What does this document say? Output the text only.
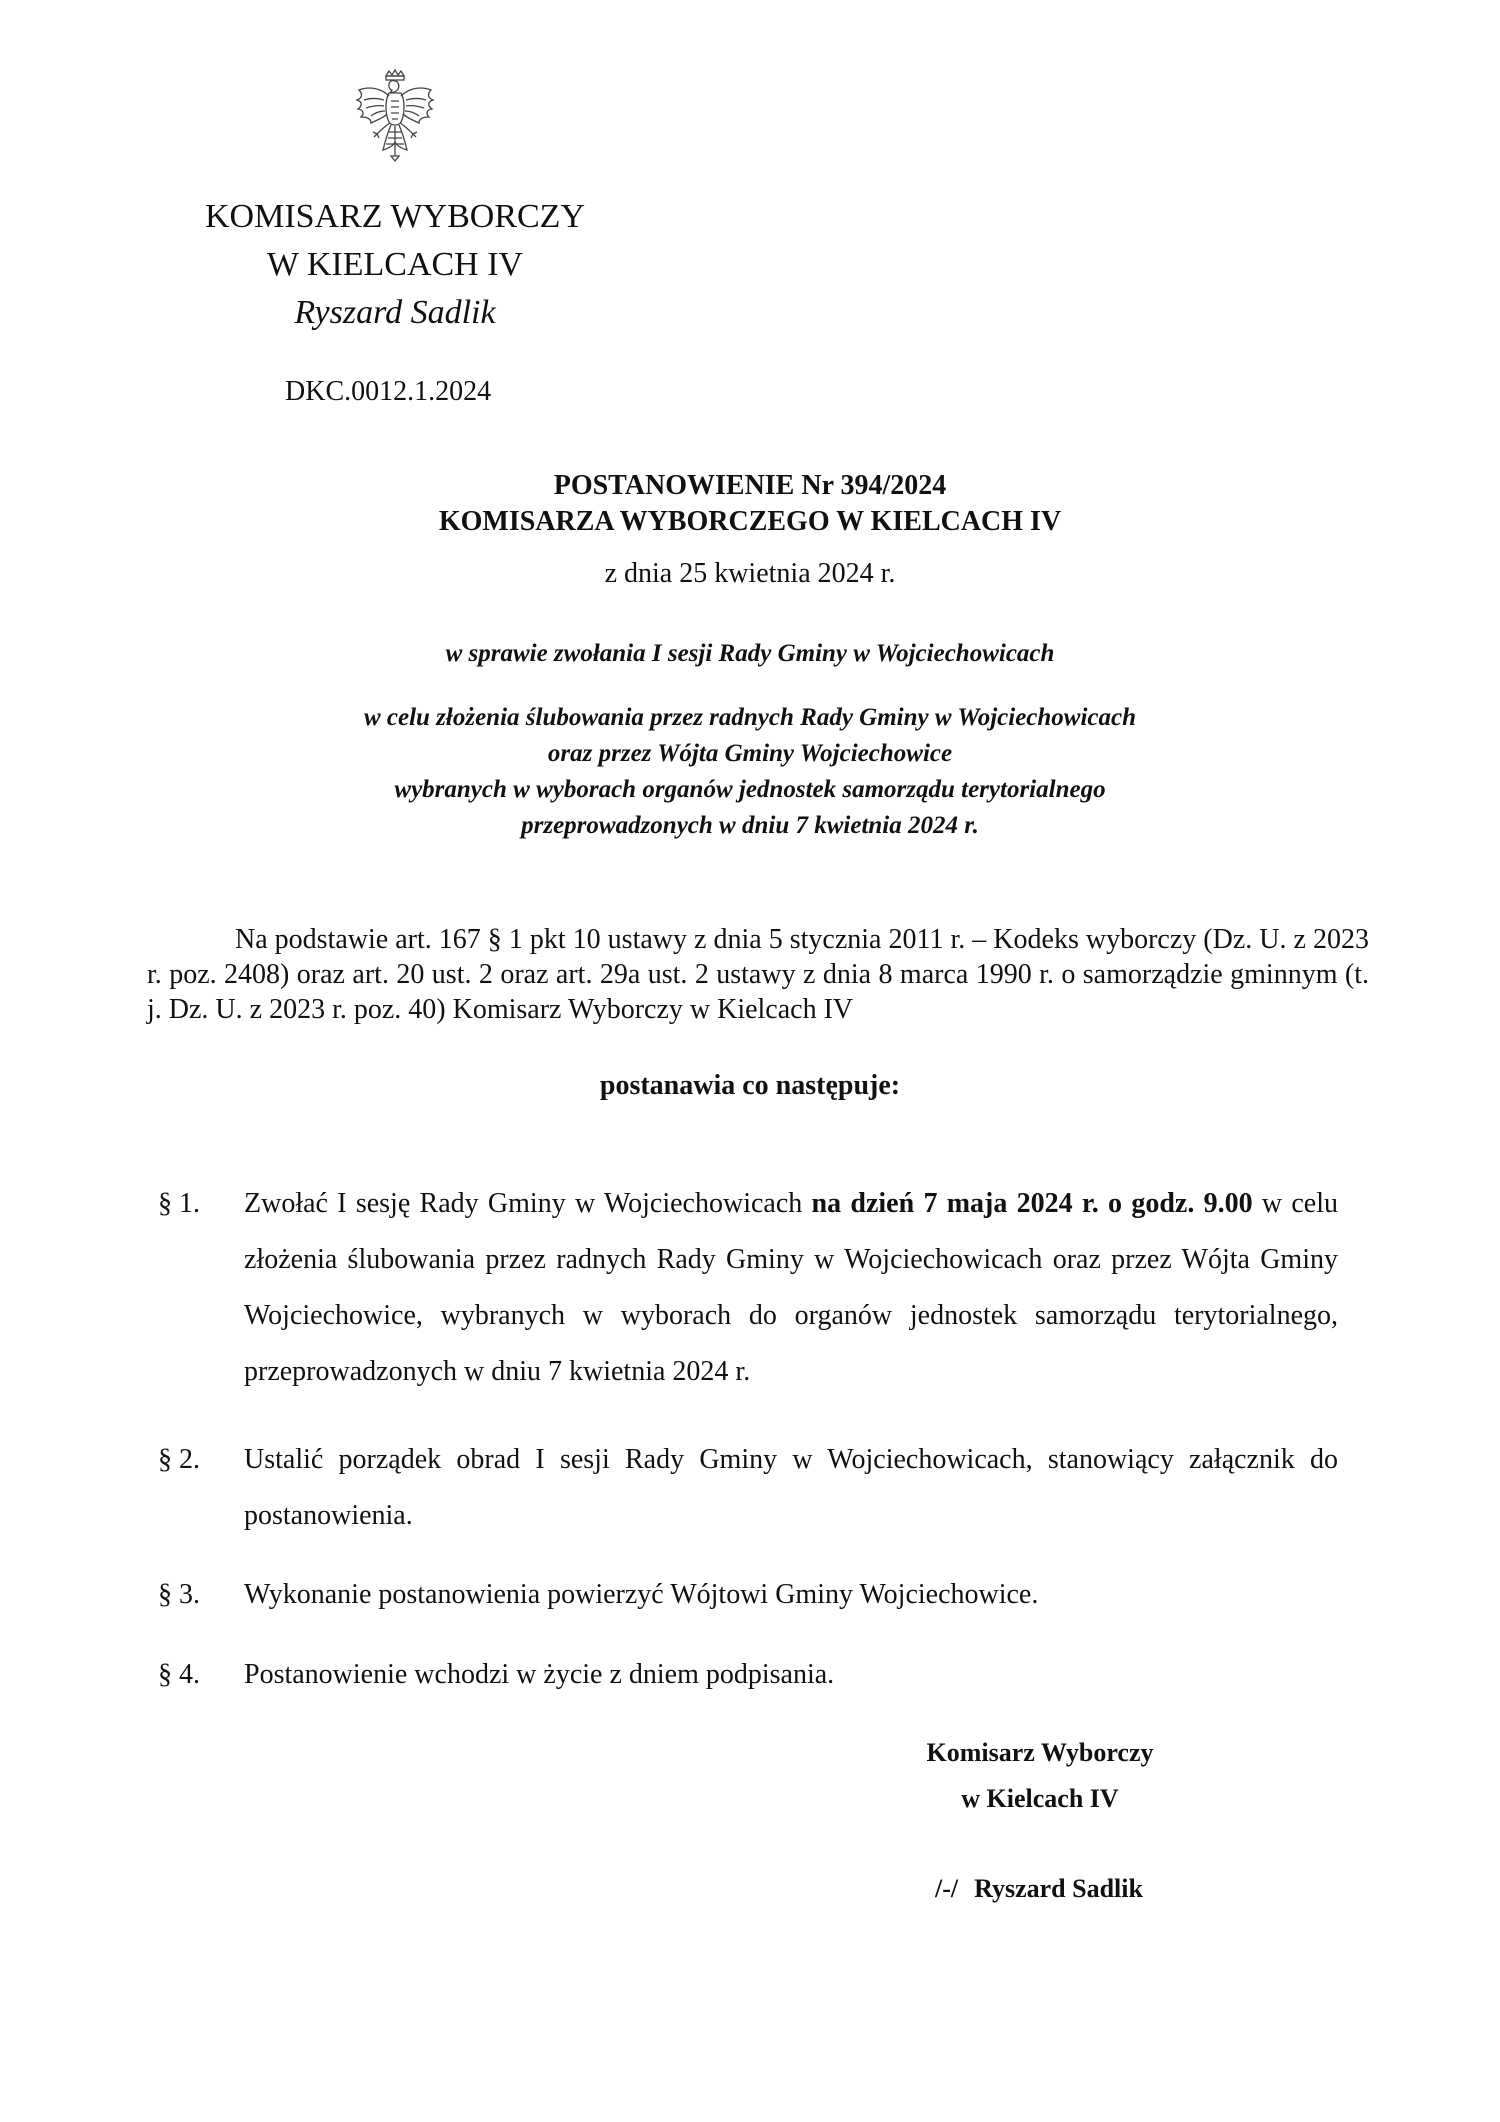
KOMISARZ WYBORCZY
W KIELCACH IV
Ryszard Sadlik
DKC.0012.1.2024
POSTANOWIENIE Nr 394/2024
KOMISARZA WYBORCZEGO W KIELCACH IV
z dnia 25 kwietnia 2024 r.
w sprawie zwołania I sesji Rady Gminy w Wojciechowicach
w celu złożenia ślubowania przez radnych Rady Gminy w Wojciechowicach
oraz przez Wójta Gminy Wojciechowice
wybranych w wyborach organów jednostek samorządu terytorialnego
przeprowadzonych w dniu 7 kwietnia 2024 r.

Na podstawie art. 167 § 1 pkt 10 ustawy z dnia 5 stycznia 2011 r. – Kodeks wyborczy (Dz. U. z 2023 r. poz. 2408) oraz art. 20 ust. 2 oraz art. 29a ust. 2 ustawy z dnia 8 marca 1990 r. o samorządzie gminnym (t. j. Dz. U. z 2023 r. poz. 40) Komisarz Wyborczy w Kielcach IV

postanawia co następuje:
§ 1. Zwołać I sesję Rady Gminy w Wojciechowicach na dzień 7 maja 2024 r. o godz. 9.00 w celu złożenia ślubowania przez radnych Rady Gminy w Wojciechowicach oraz przez Wójta Gminy Wojciechowice, wybranych w wyborach do organów jednostek samorządu terytorialnego, przeprowadzonych w dniu 7 kwietnia 2024 r.
§ 2. Ustalić porządek obrad I sesji Rady Gminy w Wojciechowicach, stanowiący załącznik do postanowienia.
§ 3. Wykonanie postanowienia powierzyć Wójtowi Gminy Wojciechowice.
§ 4. Postanowienie wchodzi w życie z dniem podpisania.
Komisarz Wyborczy
w Kielcach IV
/-/ Ryszard Sadlik
